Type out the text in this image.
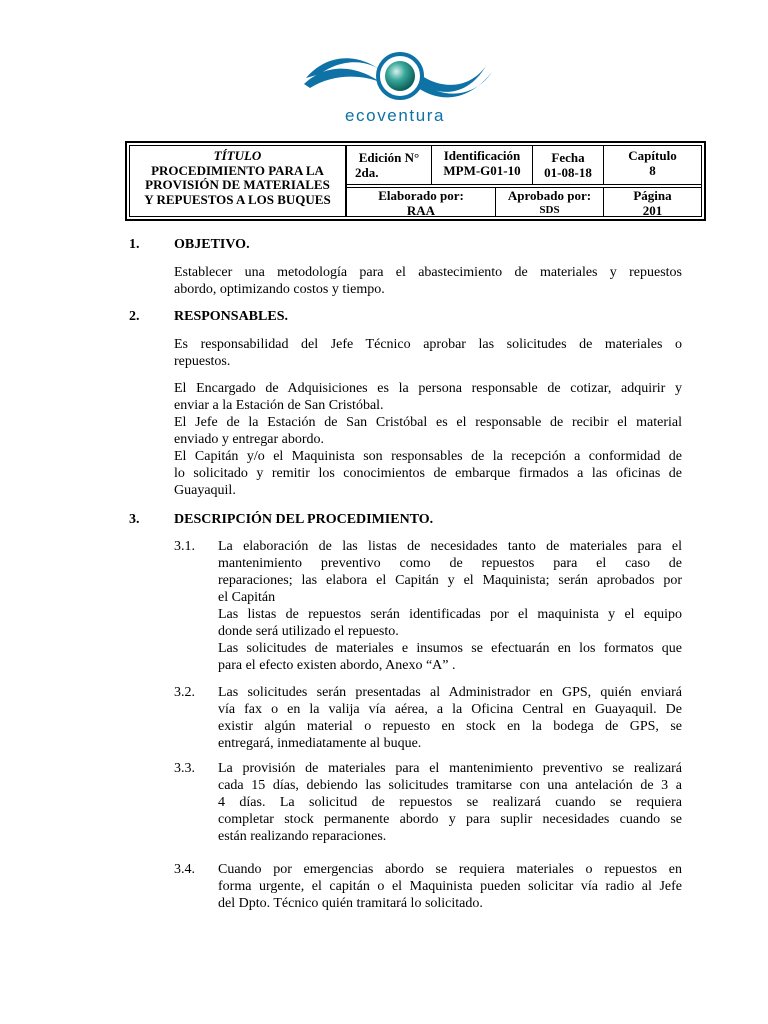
ecoventura
TÍTULO
PROCEDIMIENTO PARA LA
PROVISIÓN DE MATERIALES
Y REPUESTOS A LOS BUQUES
Edición N°
2da.
Identificación
MPM-G01-10
Fecha
01-08-18
Capítulo
8
Elaborado por:
RAA
Aprobado por:
SDS
Página
201
1. OBJETIVO.
Establecer una metodología para el abastecimiento de materiales y repuestos
abordo, optimizando costos y tiempo.
2. RESPONSABLES.
Es responsabilidad del Jefe Técnico aprobar las solicitudes de materiales o
repuestos.
El Encargado de Adquisiciones es la persona responsable de cotizar, adquirir y
enviar a la Estación de San Cristóbal.
El Jefe de la Estación de San Cristóbal es el responsable de recibir el material
enviado y entregar abordo.
El Capitán y/o el Maquinista son responsables de la recepción a conformidad de
lo solicitado y remitir los conocimientos de embarque firmados a las oficinas de
Guayaquil.
3. DESCRIPCIÓN DEL PROCEDIMIENTO.
3.1. La elaboración de las listas de necesidades tanto de materiales para el
mantenimiento preventivo como de repuestos para el caso de
reparaciones; las elabora el Capitán y el Maquinista; serán aprobados por
el Capitán
Las listas de repuestos serán identificadas por el maquinista y el equipo
donde será utilizado el repuesto.
Las solicitudes de materiales e insumos se efectuarán en los formatos que
para el efecto existen abordo, Anexo “A” .
3.2. Las solicitudes serán presentadas al Administrador en GPS, quién enviará
vía fax o en la valija vía aérea, a la Oficina Central en Guayaquil. De
existir algún material o repuesto en stock en la bodega de GPS, se
entregará, inmediatamente al buque.
3.3. La provisión de materiales para el mantenimiento preventivo se realizará
cada 15 días, debiendo las solicitudes tramitarse con una antelación de 3 a
4 días. La solicitud de repuestos se realizará cuando se requiera
completar stock permanente abordo y para suplir necesidades cuando se
están realizando reparaciones.
3.4. Cuando por emergencias abordo se requiera materiales o repuestos en
forma urgente, el capitán o el Maquinista pueden solicitar vía radio al Jefe
del Dpto. Técnico quién tramitará lo solicitado.
